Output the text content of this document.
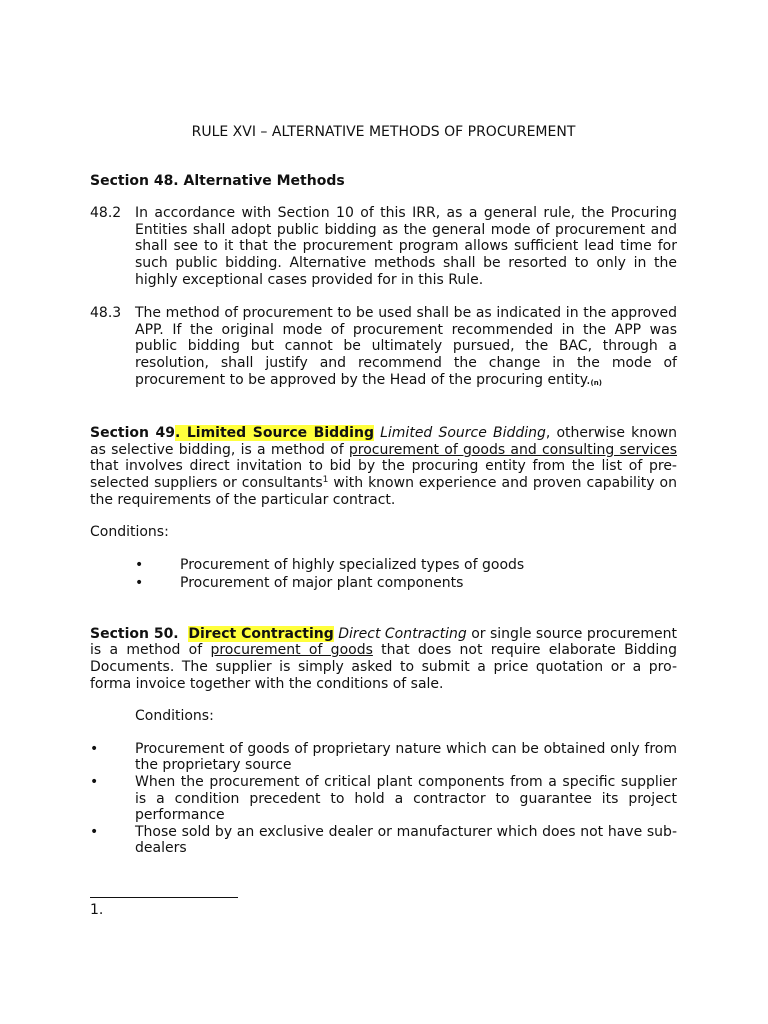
RULE XVI – ALTERNATIVE METHODS OF PROCUREMENT
Section 48. Alternative Methods
48.2 In accordance with Section 10 of this IRR, as a general rule, the Procuring Entities shall adopt public bidding as the general mode of procurement and shall see to it that the procurement program allows sufficient lead time for such public bidding. Alternative methods shall be resorted to only in the highly exceptional cases provided for in this Rule.
48.3 The method of procurement to be used shall be as indicated in the approved APP. If the original mode of procurement recommended in the APP was public bidding but cannot be ultimately pursued, the BAC, through a resolution, shall justify and recommend the change in the mode of procurement to be approved by the Head of the procuring entity.(n)

Section 49. Limited Source Bidding Limited Source Bidding, otherwise known as selective bidding, is a method of procurement of goods and consulting services that involves direct invitation to bid by the procuring entity from the list of pre-selected suppliers or consultants$^1$ with known experience and proven capability on the requirements of the particular contract.

Conditions:

•	Procurement of highly specialized types of goods
•	Procurement of major plant components

Section 50.  Direct Contracting Direct Contracting or single source procurement is a method of procurement of goods that does not require elaborate Bidding Documents. The supplier is simply asked to submit a price quotation or a pro-forma invoice together with the conditions of sale.

Conditions:

•	Procurement of goods of proprietary nature which can be obtained only from the proprietary source
•	When the procurement of critical plant components from a specific supplier is a condition precedent to hold a contractor to guarantee its project performance
•	Those sold by an exclusive dealer or manufacturer which does not have sub-dealers
1.
